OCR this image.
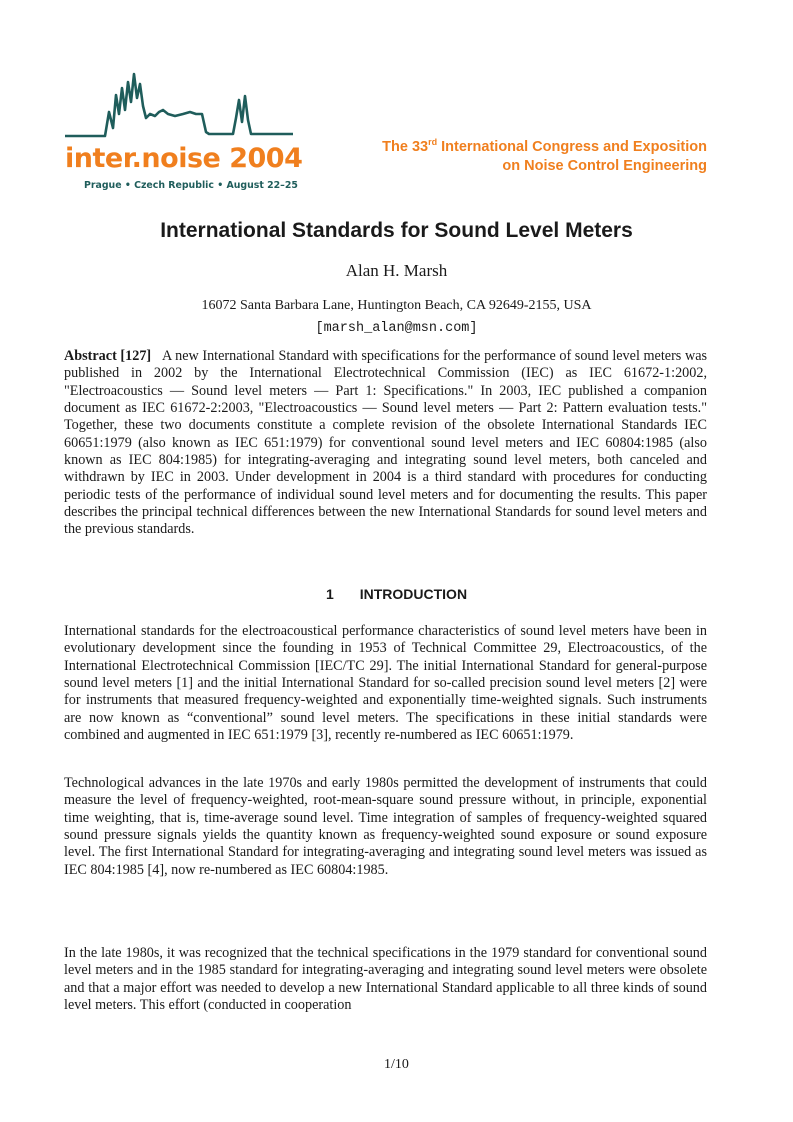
inter.noise 2004
Prague • Czech Republic • August 22–25
The 33rd International Congress and Exposition
on Noise Control Engineering
International Standards for Sound Level Meters
Alan H. Marsh
16072 Santa Barbara Lane, Huntington Beach, CA 92649-2155, USA
[marsh_alan@msn.com]

Abstract [127] A new International Standard with specifications for the performance of sound level meters was published in 2002 by the International Electrotechnical Commission (IEC) as IEC 61672-1:2002, "Electroacoustics — Sound level meters — Part 1: Specifications." In 2003, IEC published a companion document as IEC 61672-2:2003, "Electroacoustics — Sound level meters — Part 2: Pattern evaluation tests." Together, these two documents constitute a complete revision of the obsolete International Standards IEC 60651:1979 (also known as IEC 651:1979) for conventional sound level meters and IEC 60804:1985 (also known as IEC 804:1985) for integrating-averaging and integrating sound level meters, both canceled and withdrawn by IEC in 2003. Under development in 2004 is a third standard with procedures for conducting periodic tests of the performance of individual sound level meters and for documenting the results. This paper describes the principal technical differences between the new International Standards for sound level meters and the previous standards.

1 INTRODUCTION

International standards for the electroacoustical performance characteristics of sound level meters have been in evolutionary development since the founding in 1953 of Technical Committee 29, Electroacoustics, of the International Electrotechnical Commission [IEC/TC 29]. The initial International Standard for general-purpose sound level meters [1] and the initial International Standard for so-called precision sound level meters [2] were for instruments that measured frequency-weighted and exponentially time-weighted signals. Such instruments are now known as “conventional” sound level meters. The specifications in these initial standards were combined and augmented in IEC 651:1979 [3], recently re-numbered as IEC 60651:1979.

Technological advances in the late 1970s and early 1980s permitted the development of instruments that could measure the level of frequency-weighted, root-mean-square sound pressure without, in principle, exponential time weighting, that is, time-average sound level. Time integration of samples of frequency-weighted squared sound pressure signals yields the quantity known as frequency-weighted sound exposure or sound exposure level. The first International Standard for integrating-averaging and integrating sound level meters was issued as IEC 804:1985 [4], now re-numbered as IEC 60804:1985.

In the late 1980s, it was recognized that the technical specifications in the 1979 standard for conventional sound level meters and in the 1985 standard for integrating-averaging and integrating sound level meters were obsolete and that a major effort was needed to develop a new International Standard applicable to all three kinds of sound level meters. This effort (conducted in cooperation

1/10
